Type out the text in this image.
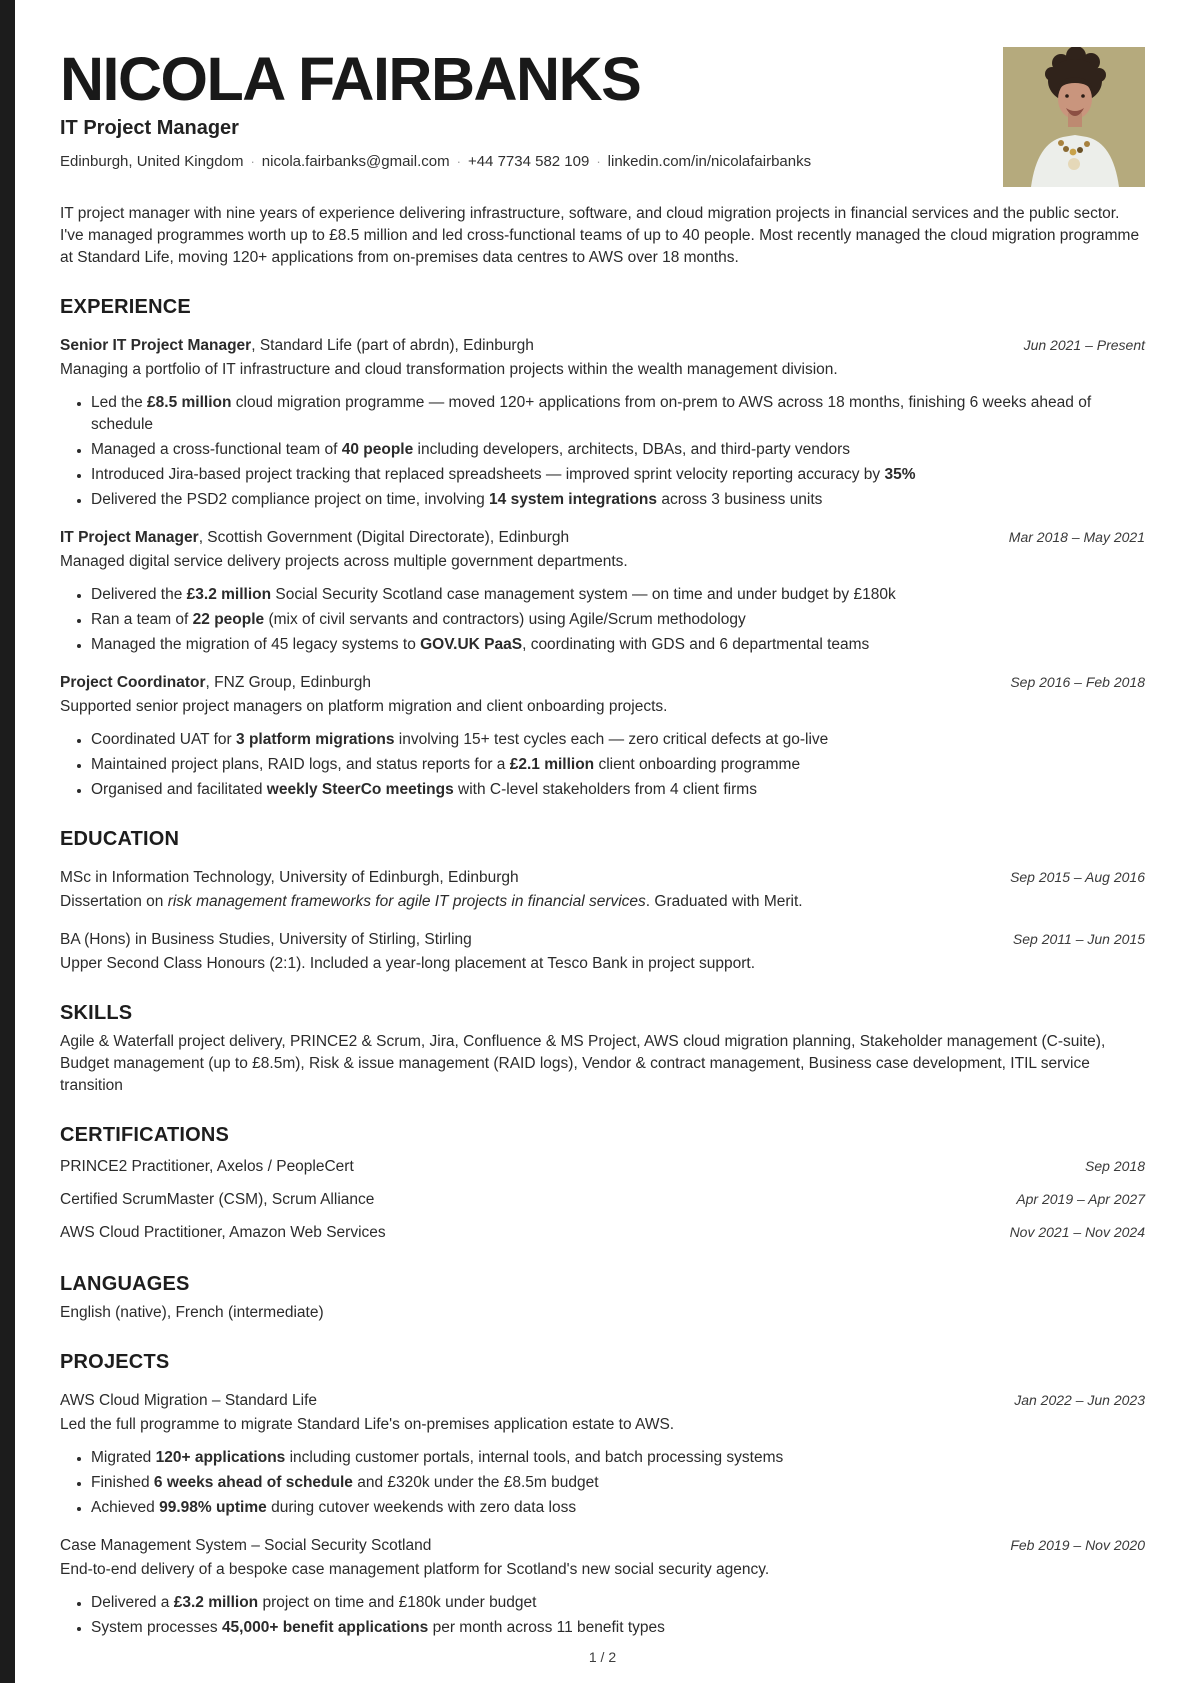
NICOLA FAIRBANKS
IT Project Manager
Edinburgh, United Kingdom · nicola.fairbanks@gmail.com · +44 7734 582 109 · linkedin.com/in/nicolafairbanks

IT project manager with nine years of experience delivering infrastructure, software, and cloud migration projects in financial services and the public sector. I've managed programmes worth up to £8.5 million and led cross-functional teams of up to 40 people. Most recently managed the cloud migration programme at Standard Life, moving 120+ applications from on-premises data centres to AWS over 18 months.

EXPERIENCE
Senior IT Project Manager, Standard Life (part of abrdn), Edinburgh	Jun 2021 – Present
Managing a portfolio of IT infrastructure and cloud transformation projects within the wealth management division.
• Led the £8.5 million cloud migration programme — moved 120+ applications from on-prem to AWS across 18 months, finishing 6 weeks ahead of schedule
• Managed a cross-functional team of 40 people including developers, architects, DBAs, and third-party vendors
• Introduced Jira-based project tracking that replaced spreadsheets — improved sprint velocity reporting accuracy by 35%
• Delivered the PSD2 compliance project on time, involving 14 system integrations across 3 business units
IT Project Manager, Scottish Government (Digital Directorate), Edinburgh	Mar 2018 – May 2021
Managed digital service delivery projects across multiple government departments.
• Delivered the £3.2 million Social Security Scotland case management system — on time and under budget by £180k
• Ran a team of 22 people (mix of civil servants and contractors) using Agile/Scrum methodology
• Managed the migration of 45 legacy systems to GOV.UK PaaS, coordinating with GDS and 6 departmental teams
Project Coordinator, FNZ Group, Edinburgh	Sep 2016 – Feb 2018
Supported senior project managers on platform migration and client onboarding projects.
• Coordinated UAT for 3 platform migrations involving 15+ test cycles each — zero critical defects at go-live
• Maintained project plans, RAID logs, and status reports for a £2.1 million client onboarding programme
• Organised and facilitated weekly SteerCo meetings with C-level stakeholders from 4 client firms
EDUCATION
MSc in Information Technology, University of Edinburgh, Edinburgh	Sep 2015 – Aug 2016
Dissertation on risk management frameworks for agile IT projects in financial services. Graduated with Merit.
BA (Hons) in Business Studies, University of Stirling, Stirling	Sep 2011 – Jun 2015
Upper Second Class Honours (2:1). Included a year-long placement at Tesco Bank in project support.
SKILLS
Agile & Waterfall project delivery, PRINCE2 & Scrum, Jira, Confluence & MS Project, AWS cloud migration planning, Stakeholder management (C-suite), Budget management (up to £8.5m), Risk & issue management (RAID logs), Vendor & contract management, Business case development, ITIL service transition
CERTIFICATIONS
PRINCE2 Practitioner, Axelos / PeopleCert	Sep 2018
Certified ScrumMaster (CSM), Scrum Alliance	Apr 2019 – Apr 2027
AWS Cloud Practitioner, Amazon Web Services	Nov 2021 – Nov 2024
LANGUAGES
English (native), French (intermediate)
PROJECTS
AWS Cloud Migration – Standard Life	Jan 2022 – Jun 2023
Led the full programme to migrate Standard Life's on-premises application estate to AWS.
• Migrated 120+ applications including customer portals, internal tools, and batch processing systems
• Finished 6 weeks ahead of schedule and £320k under the £8.5m budget
• Achieved 99.98% uptime during cutover weekends with zero data loss
Case Management System – Social Security Scotland	Feb 2019 – Nov 2020
End-to-end delivery of a bespoke case management platform for Scotland's new social security agency.
• Delivered a £3.2 million project on time and £180k under budget
• System processes 45,000+ benefit applications per month across 11 benefit types
1 / 2
